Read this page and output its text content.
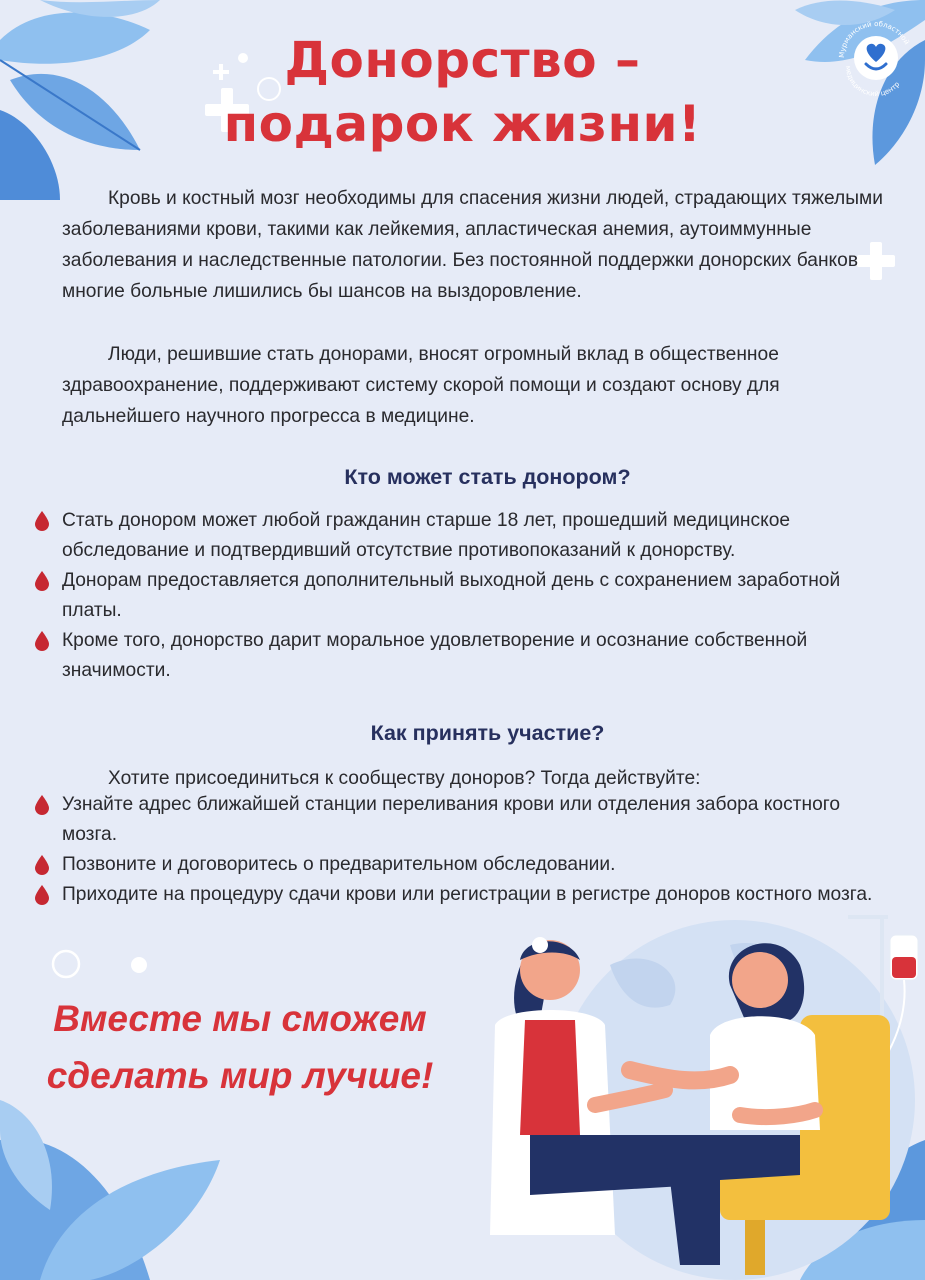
Мурманский областной
медицинский центр
Донорство –
подарок жизни!

Кровь и костный мозг необходимы для спасения жизни людей, страдающих тяжелыми заболеваниями крови, такими как лейкемия, апластическая анемия, аутоиммунные заболевания и наследственные патологии. Без постоянной поддержки донорских банков многие больные лишились бы шансов на выздоровление.

Люди, решившие стать донорами, вносят огромный вклад в общественное здравоохранение, поддерживают систему скорой помощи и создают основу для дальнейшего научного прогресса в медицине.

Кто может стать донором?
Стать донором может любой гражданин старше 18 лет, прошедший медицинское обследование и подтвердивший отсутствие противопоказаний к донорству.
Донорам предоставляется дополнительный выходной день с сохранением заработной платы.
Кроме того, донорство дарит моральное удовлетворение и осознание собственной значимости.
Как принять участие?

Хотите присоединиться к сообществу доноров? Тогда действуйте:

Узнайте адрес ближайшей станции переливания крови или отделения забора костного мозга.
Позвоните и договоритесь о предварительном обследовании.
Приходите на процедуру сдачи крови или регистрации в регистре доноров костного мозга.
Вместе мы сможем
сделать мир лучше!
